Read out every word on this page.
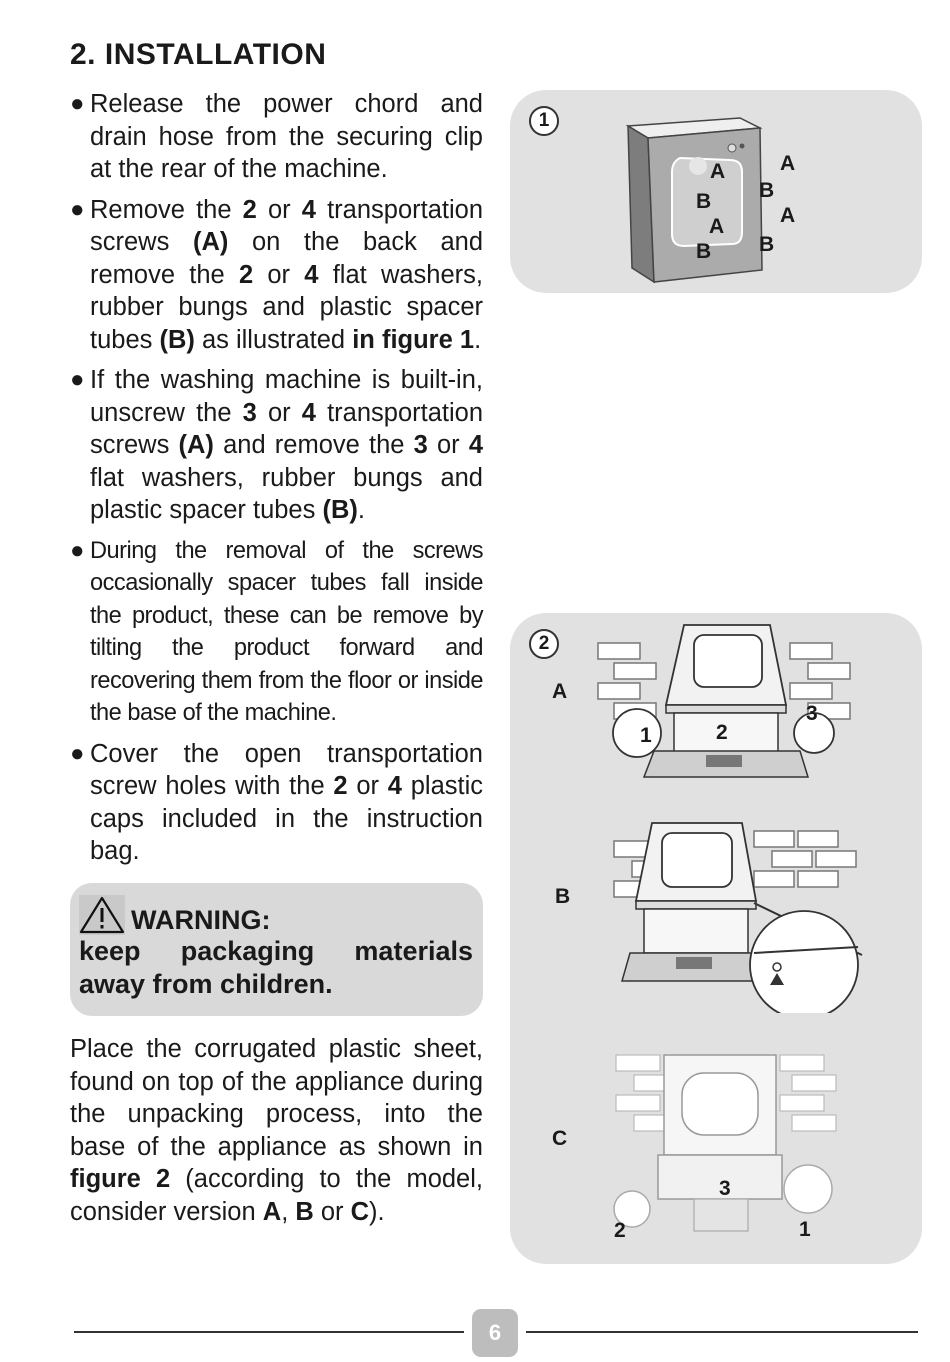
2. INSTALLATION
● Release the power chord and drain hose from the securing clip at the rear of the machine.

● Remove the 2 or 4 transportation screws (A) on the back and remove the 2 or 4 flat washers, rubber bungs and plastic spacer tubes (B) as illustrated in figure 1.

● If the washing machine is built-in, unscrew the 3 or 4 transportation screws (A) and remove the 3 or 4 flat washers, rubber bungs and plastic spacer tubes (B).

● During the removal of the screws occasionally spacer tubes fall inside the product, these can be remove by tilting the product forward and recovering them from the floor or inside the base of the machine.

● Cover the open transportation screw holes with the 2 or 4 plastic caps included in the instruction bag.

WARNING:
keep packaging materials away from children.

Place the corrugated plastic sheet, found on top of the appliance during the unpacking process, into the base of the appliance as shown in figure 2 (according to the model, consider version A, B or C).

1
A	A
B B
A	A
B B
2
A
1	2
3
B
C
3
2	1
6
